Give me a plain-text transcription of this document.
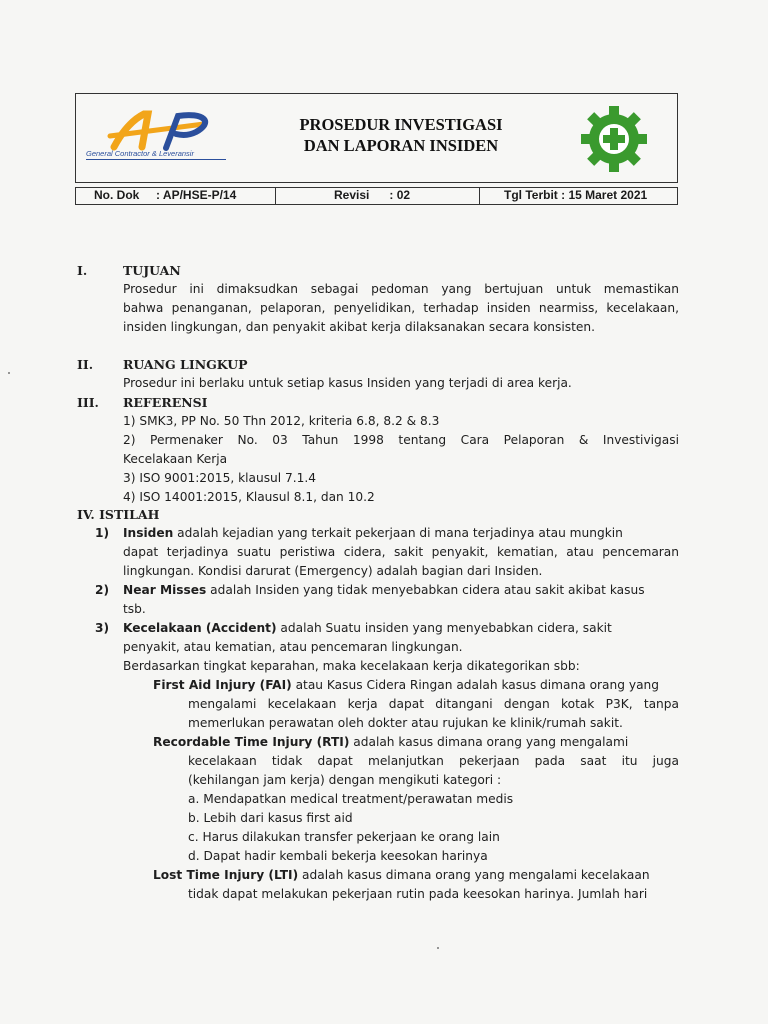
General Contractor & Leveransir
PROSEDUR INVESTIGASI
DAN LAPORAN INSIDEN
No. Dok : AP/HSE-P/14	Revisi : 02	Tgl Terbit : 15 Maret 2021
I.	TUJUAN
Prosedur ini dimaksudkan sebagai pedoman yang bertujuan untuk memastikan
bahwa penanganan, pelaporan, penyelidikan, terhadap insiden nearmiss, kecelakaan,
insiden lingkungan, dan penyakit akibat kerja dilaksanakan secara konsisten.
II. RUANG LINGKUP
Prosedur ini berlaku untuk setiap kasus Insiden yang terjadi di area kerja.
III. REFERENSI
1) SMK3, PP No. 50 Thn 2012, kriteria 6.8, 8.2 & 8.3
2) Permenaker No. 03 Tahun 1998 tentang Cara Pelaporan & Investivigasi
Kecelakaan Kerja
3) ISO 9001:2015, klausul 7.1.4
4) ISO 14001:2015, Klausul 8.1, dan 10.2
IV. ISTILAH
1) Insiden adalah kejadian yang terkait pekerjaan di mana terjadinya atau mungkin
dapat terjadinya suatu peristiwa cidera, sakit penyakit, kematian, atau pencemaran
lingkungan. Kondisi darurat (Emergency) adalah bagian dari Insiden.
2) Near Misses adalah Insiden yang tidak menyebabkan cidera atau sakit akibat kasus
tsb.
3) Kecelakaan (Accident) adalah Suatu insiden yang menyebabkan cidera, sakit
penyakit, atau kematian, atau pencemaran lingkungan.
Berdasarkan tingkat keparahan, maka kecelakaan kerja dikategorikan sbb:
First Aid Injury (FAI) atau Kasus Cidera Ringan adalah kasus dimana orang yang
mengalami kecelakaan kerja dapat ditangani dengan kotak P3K, tanpa
memerlukan perawatan oleh dokter atau rujukan ke klinik/rumah sakit.
Recordable Time Injury (RTI) adalah kasus dimana orang yang mengalami
kecelakaan tidak dapat melanjutkan pekerjaan pada saat itu juga
(kehilangan jam kerja) dengan mengikuti kategori :
a. Mendapatkan medical treatment/perawatan medis
b. Lebih dari kasus first aid
c. Harus dilakukan transfer pekerjaan ke orang lain
d. Dapat hadir kembali bekerja keesokan harinya
Lost Time Injury (LTI) adalah kasus dimana orang yang mengalami kecelakaan
tidak dapat melakukan pekerjaan rutin pada keesokan harinya. Jumlah hari
